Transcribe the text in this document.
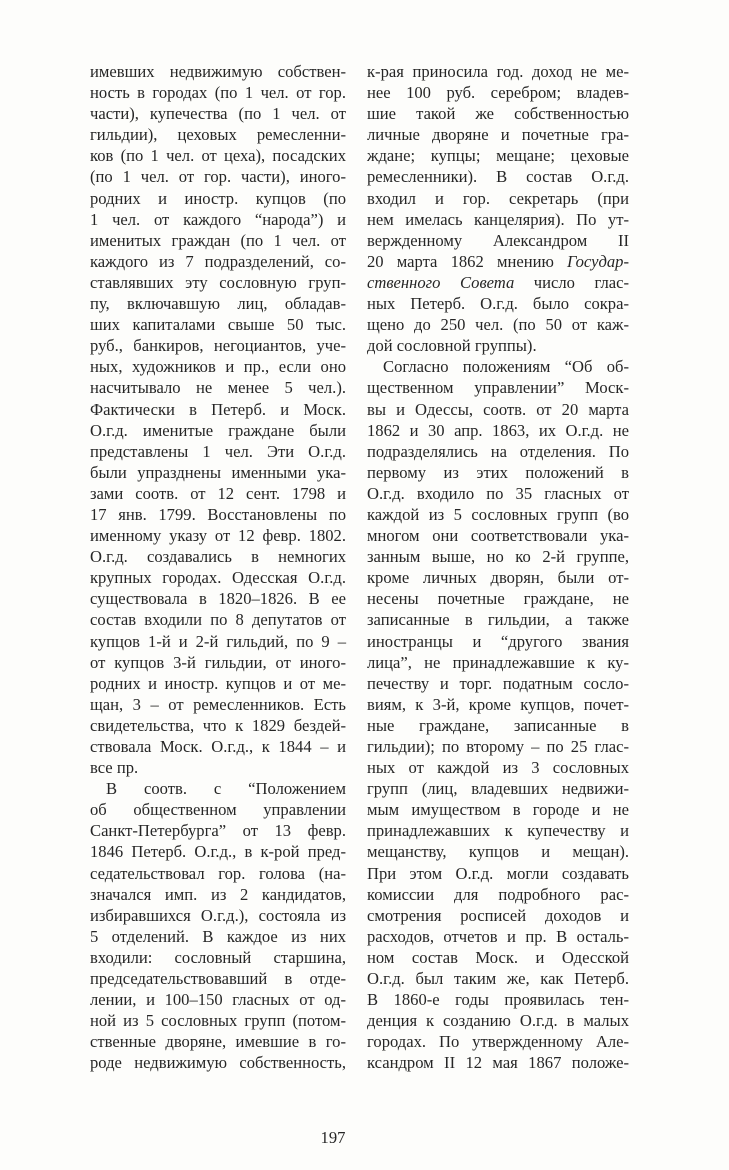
имевших недвижимую собствен-
ность в городах (по 1 чел. от гор.
части), купечества (по 1 чел. от
гильдии), цеховых ремесленни-
ков (по 1 чел. от цеха), посадских
(по 1 чел. от гор. части), иного-
родних и иностр. купцов (по
1 чел. от каждого “народа”) и
именитых граждан (по 1 чел. от
каждого из 7 подразделений, со-
ставлявших эту сословную груп-
пу, включавшую лиц, обладав-
ших капиталами свыше 50 тыс.
руб., банкиров, негоциантов, уче-
ных, художников и пр., если оно
насчитывало не менее 5 чел.).
Фактически в Петерб. и Моск.
О.г.д. именитые граждане были
представлены 1 чел. Эти О.г.д.
были упразднены именными ука-
зами соотв. от 12 сент. 1798 и
17 янв. 1799. Восстановлены по
именному указу от 12 февр. 1802.
О.г.д. создавались в немногих
крупных городах. Одесская О.г.д.
существовала в 1820–1826. В ее
состав входили по 8 депутатов от
купцов 1-й и 2-й гильдий, по 9 –
от купцов 3-й гильдии, от иного-
родних и иностр. купцов и от ме-
щан, 3 – от ремесленников. Есть
свидетельства, что к 1829 бездей-
ствовала Моск. О.г.д., к 1844 – и
все пр.
В соотв. с “Положением
об общественном управлении
Санкт-Петербурга” от 13 февр.
1846 Петерб. О.г.д., в к-рой пред-
седательствовал гор. голова (на-
значался имп. из 2 кандидатов,
избиравшихся О.г.д.), состояла из
5 отделений. В каждое из них
входили: сословный старшина,
председательствовавший в отде-
лении, и 100–150 гласных от од-
ной из 5 сословных групп (потом-
ственные дворяне, имевшие в го-
роде недвижимую собственность,
к-рая приносила год. доход не ме-
нее 100 руб. серебром; владев-
шие такой же собственностью
личные дворяне и почетные гра-
ждане; купцы; мещане; цеховые
ремесленники). В состав О.г.д.
входил и гор. секретарь (при
нем имелась канцелярия). По ут-
вержденному Александром II
20 марта 1862 мнению Государ-
ственного Совета число глас-
ных Петерб. О.г.д. было сокра-
щено до 250 чел. (по 50 от каж-
дой сословной группы).
Согласно положениям “Об об-
щественном управлении” Моск-
вы и Одессы, соотв. от 20 марта
1862 и 30 апр. 1863, их О.г.д. не
подразделялись на отделения. По
первому из этих положений в
О.г.д. входило по 35 гласных от
каждой из 5 сословных групп (во
многом они соответствовали ука-
занным выше, но ко 2-й группе,
кроме личных дворян, были от-
несены почетные граждане, не
записанные в гильдии, а также
иностранцы и “другого звания
лица”, не принадлежавшие к ку-
печеству и торг. податным сосло-
виям, к 3-й, кроме купцов, почет-
ные граждане, записанные в
гильдии); по второму – по 25 глас-
ных от каждой из 3 сословных
групп (лиц, владевших недвижи-
мым имуществом в городе и не
принадлежавших к купечеству и
мещанству, купцов и мещан).
При этом О.г.д. могли создавать
комиссии для подробного рас-
смотрения росписей доходов и
расходов, отчетов и пр. В осталь-
ном состав Моск. и Одесской
О.г.д. был таким же, как Петерб.
В 1860-е годы проявилась тен-
денция к созданию О.г.д. в малых
городах. По утвержденному Але-
ксандром II 12 мая 1867 положе-
197
